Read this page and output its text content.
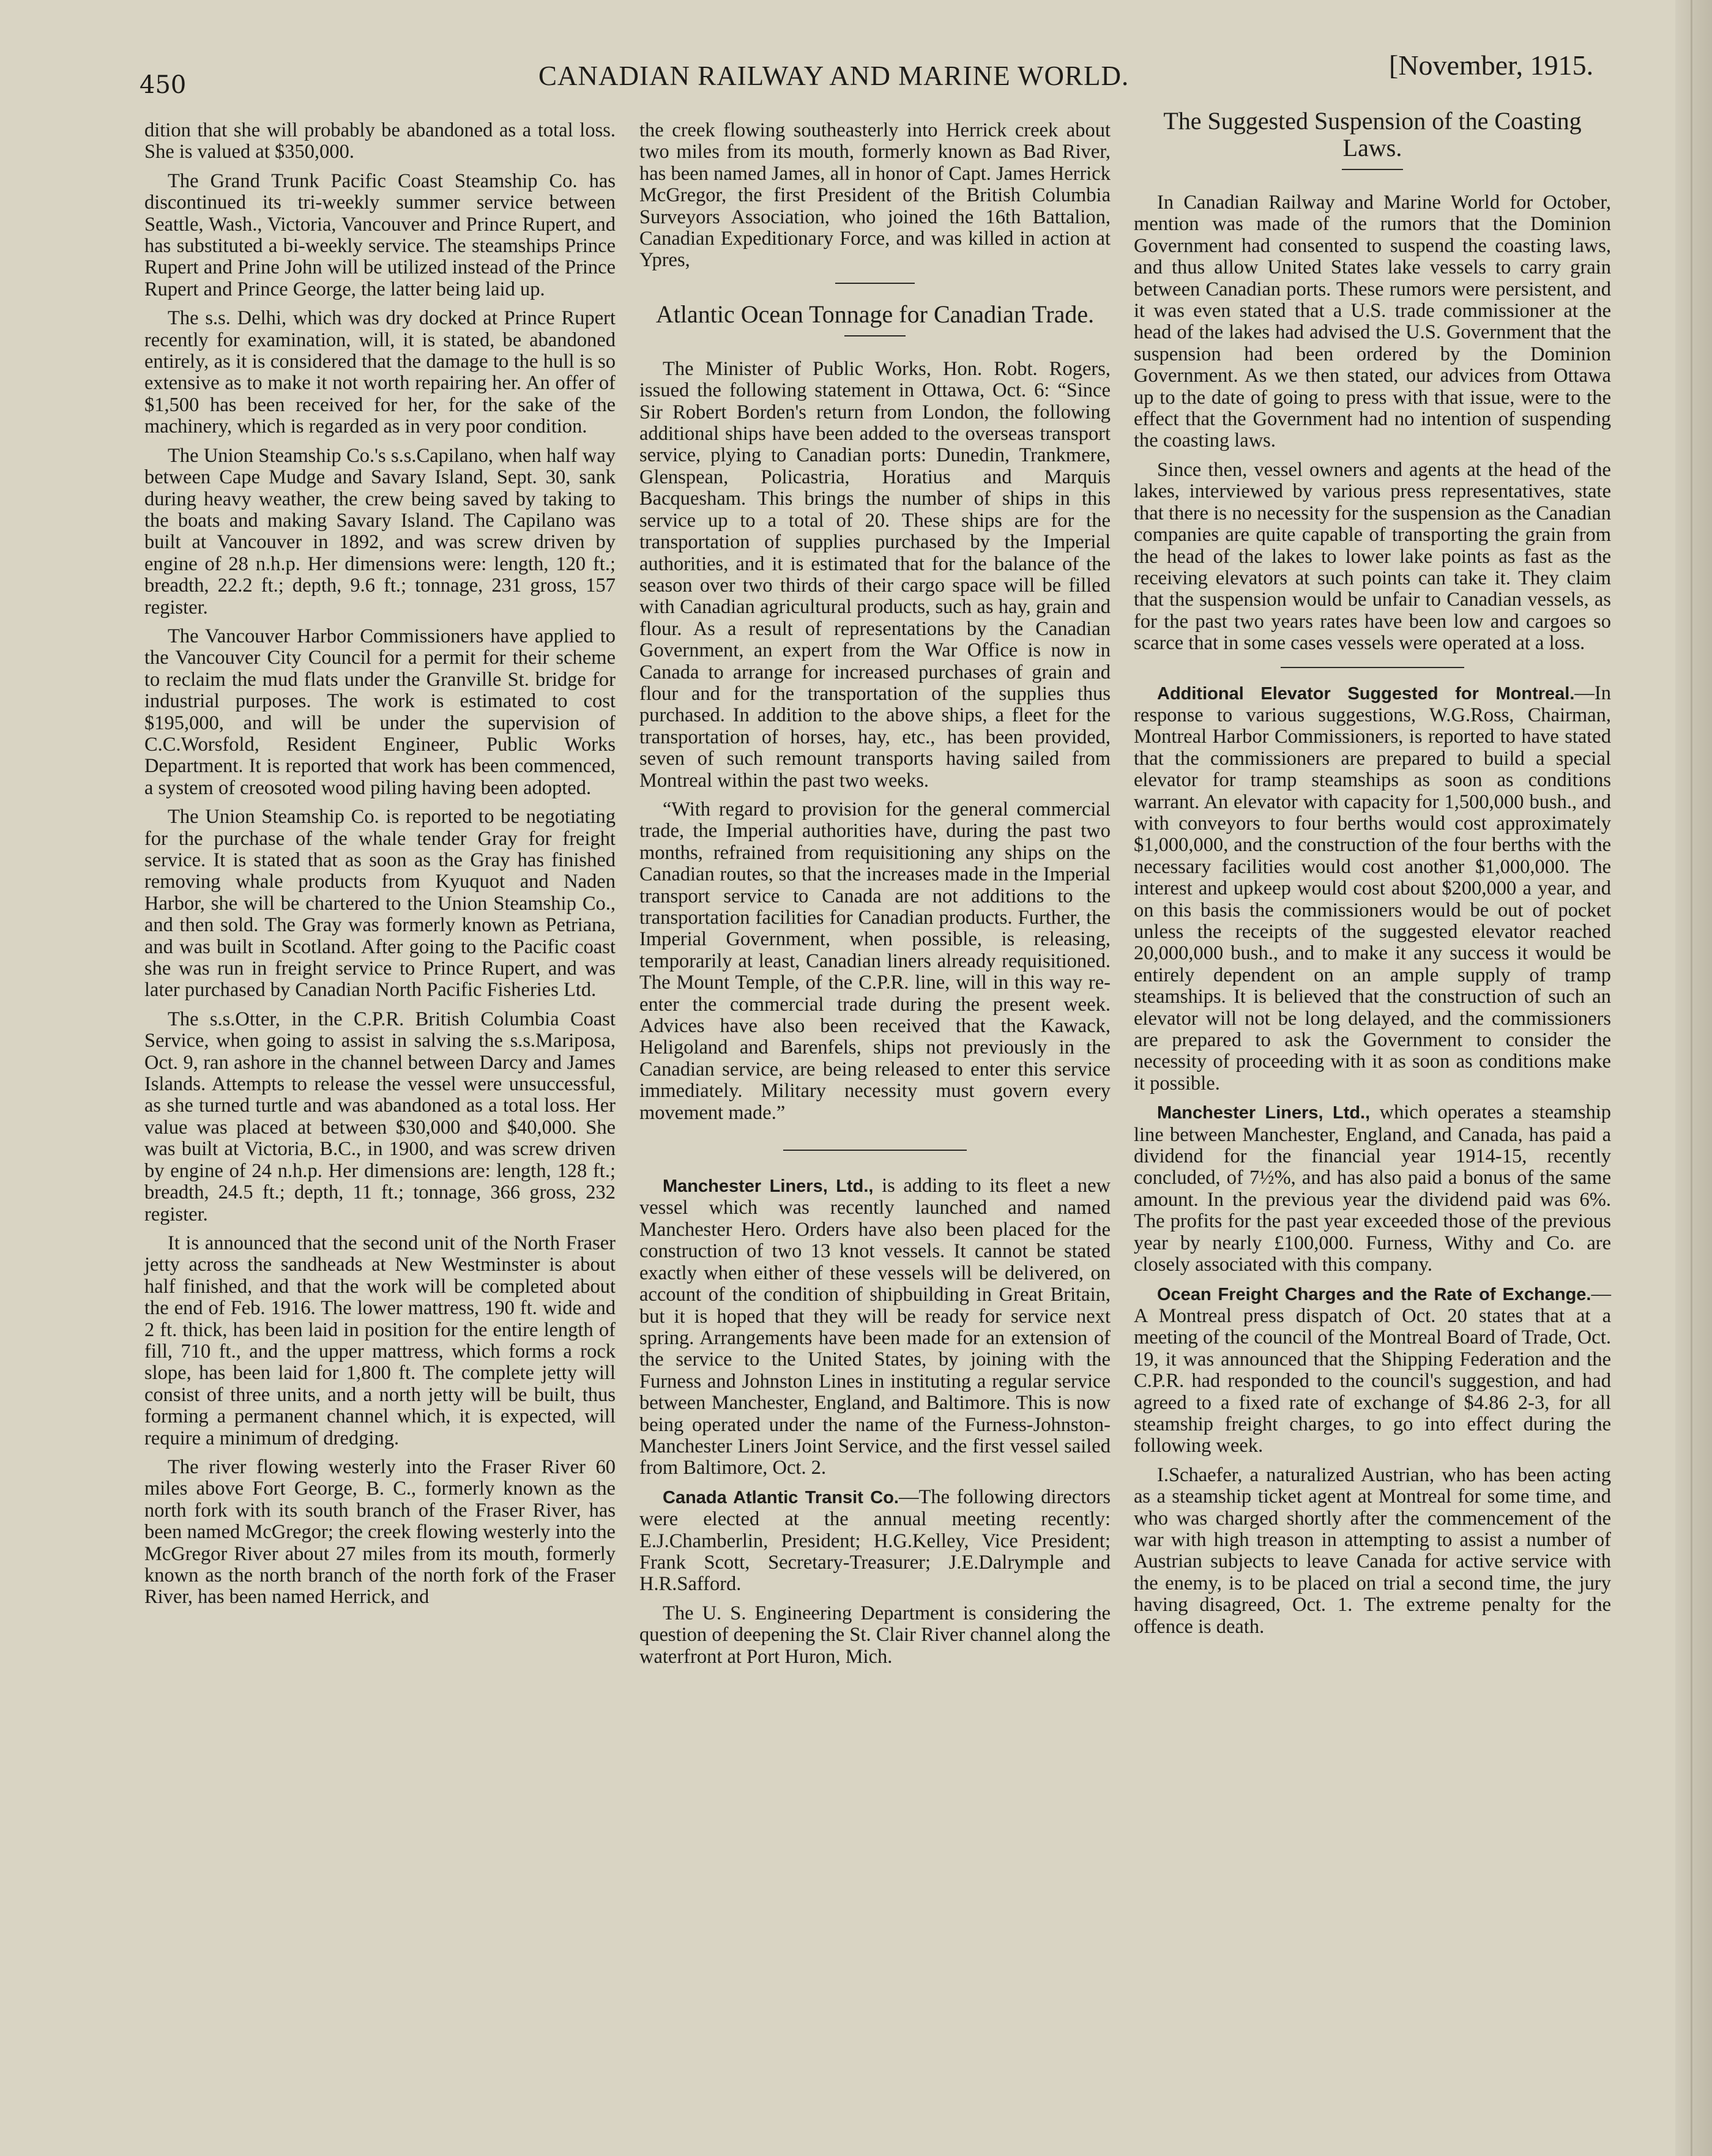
450	CANADIAN RAILWAY AND MARINE WORLD.	[November, 1915.

dition that she will probably be abandoned as a total loss. She is valued at $350,000.

The Grand Trunk Pacific Coast Steamship Co. has discontinued its tri-weekly summer service between Seattle, Wash., Victoria, Vancouver and Prince Rupert, and has substituted a bi-weekly service. The steamships Prince Rupert and Prine John will be utilized instead of the Prince Rupert and Prince George, the latter being laid up.

The s.s. Delhi, which was dry docked at Prince Rupert recently for examination, will, it is stated, be abandoned entirely, as it is considered that the damage to the hull is so extensive as to make it not worth repairing her. An offer of $1,500 has been received for her, for the sake of the machinery, which is regarded as in very poor condition.

The Union Steamship Co.'s s.s.Capilano, when half way between Cape Mudge and Savary Island, Sept. 30, sank during heavy weather, the crew being saved by taking to the boats and making Savary Island. The Capilano was built at Vancouver in 1892, and was screw driven by engine of 28 n.h.p. Her dimensions were: length, 120 ft.; breadth, 22.2 ft.; depth, 9.6 ft.; tonnage, 231 gross, 157 register.

The Vancouver Harbor Commissioners have applied to the Vancouver City Council for a permit for their scheme to reclaim the mud flats under the Granville St. bridge for industrial purposes. The work is estimated to cost $195,000, and will be under the supervision of C.C.Worsfold, Resident Engineer, Public Works Department. It is reported that work has been commenced, a system of creosoted wood piling having been adopted.

The Union Steamship Co. is reported to be negotiating for the purchase of the whale tender Gray for freight service. It is stated that as soon as the Gray has finished removing whale products from Kyuquot and Naden Harbor, she will be chartered to the Union Steamship Co., and then sold. The Gray was formerly known as Petriana, and was built in Scotland. After going to the Pacific coast she was run in freight service to Prince Rupert, and was later purchased by Canadian North Pacific Fisheries Ltd.

The s.s.Otter, in the C.P.R. British Columbia Coast Service, when going to assist in salving the s.s.Mariposa, Oct. 9, ran ashore in the channel between Darcy and James Islands. Attempts to release the vessel were unsuccessful, as she turned turtle and was abandoned as a total loss. Her value was placed at between $30,000 and $40,000. She was built at Victoria, B.C., in 1900, and was screw driven by engine of 24 n.h.p. Her dimensions are: length, 128 ft.; breadth, 24.5 ft.; depth, 11 ft.; tonnage, 366 gross, 232 register.

It is announced that the second unit of the North Fraser jetty across the sandheads at New Westminster is about half finished, and that the work will be completed about the end of Feb. 1916. The lower mattress, 190 ft. wide and 2 ft. thick, has been laid in position for the entire length of fill, 710 ft., and the upper mattress, which forms a rock slope, has been laid for 1,800 ft. The complete jetty will consist of three units, and a north jetty will be built, thus forming a permanent channel which, it is expected, will require a minimum of dredging.

The river flowing westerly into the Fraser River 60 miles above Fort George, B. C., formerly known as the north fork with its south branch of the Fraser River, has been named McGregor; the creek flowing westerly into the McGregor River about 27 miles from its mouth, formerly known as the north branch of the north fork of the Fraser River, has been named Herrick, and

the creek flowing southeasterly into Herrick creek about two miles from its mouth, formerly known as Bad River, has been named James, all in honor of Capt. James Herrick McGregor, the first President of the British Columbia Surveyors Association, who joined the 16th Battalion, Canadian Expeditionary Force, and was killed in action at Ypres,

Atlantic Ocean Tonnage for Canadian Trade.

The Minister of Public Works, Hon. Robt. Rogers, issued the following statement in Ottawa, Oct. 6: “Since Sir Robert Borden's return from London, the following additional ships have been added to the overseas transport service, plying to Canadian ports: Dunedin, Trankmere, Glenspean, Policastria, Horatius and Marquis Bacquesham. This brings the number of ships in this service up to a total of 20. These ships are for the transportation of supplies purchased by the Imperial authorities, and it is estimated that for the balance of the season over two thirds of their cargo space will be filled with Canadian agricultural products, such as hay, grain and flour. As a result of representations by the Canadian Government, an expert from the War Office is now in Canada to arrange for increased purchases of grain and flour and for the transportation of the supplies thus purchased. In addition to the above ships, a fleet for the transportation of horses, hay, etc., has been provided, seven of such remount transports having sailed from Montreal within the past two weeks.

“With regard to provision for the general commercial trade, the Imperial authorities have, during the past two months, refrained from requisitioning any ships on the Canadian routes, so that the increases made in the Imperial transport service to Canada are not additions to the transportation facilities for Canadian products. Further, the Imperial Government, when possible, is releasing, temporarily at least, Canadian liners already requisitioned. The Mount Temple, of the C.P.R. line, will in this way re-enter the commercial trade during the present week. Advices have also been received that the Kawack, Heligoland and Barenfels, ships not previously in the Canadian service, are being released to enter this service immediately. Military necessity must govern every movement made.”

Manchester Liners, Ltd., is adding to its fleet a new vessel which was recently launched and named Manchester Hero. Orders have also been placed for the construction of two 13 knot vessels. It cannot be stated exactly when either of these vessels will be delivered, on account of the condition of shipbuilding in Great Britain, but it is hoped that they will be ready for service next spring. Arrangements have been made for an extension of the service to the United States, by joining with the Furness and Johnston Lines in instituting a regular service between Manchester, England, and Baltimore. This is now being operated under the name of the Furness-Johnston-Manchester Liners Joint Service, and the first vessel sailed from Baltimore, Oct. 2.

Canada Atlantic Transit Co.—The following directors were elected at the annual meeting recently: E.J.Chamberlin, President; H.G.Kelley, Vice President; Frank Scott, Secretary-Treasurer; J.E.Dalrymple and H.R.Safford.

The U. S. Engineering Department is considering the question of deepening the St. Clair River channel along the waterfront at Port Huron, Mich.

The Suggested Suspension of the Coasting Laws.

In Canadian Railway and Marine World for October, mention was made of the rumors that the Dominion Government had consented to suspend the coasting laws, and thus allow United States lake vessels to carry grain between Canadian ports. These rumors were persistent, and it was even stated that a U.S. trade commissioner at the head of the lakes had advised the U.S. Government that the suspension had been ordered by the Dominion Government. As we then stated, our advices from Ottawa up to the date of going to press with that issue, were to the effect that the Government had no intention of suspending the coasting laws.

Since then, vessel owners and agents at the head of the lakes, interviewed by various press representatives, state that there is no necessity for the suspension as the Canadian companies are quite capable of transporting the grain from the head of the lakes to lower lake points as fast as the receiving elevators at such points can take it. They claim that the suspension would be unfair to Canadian vessels, as for the past two years rates have been low and cargoes so scarce that in some cases vessels were operated at a loss.

Additional Elevator Suggested for Montreal.—In response to various suggestions, W.G.Ross, Chairman, Montreal Harbor Commissioners, is reported to have stated that the commissioners are prepared to build a special elevator for tramp steamships as soon as conditions warrant. An elevator with capacity for 1,500,000 bush., and with conveyors to four berths would cost approximately $1,000,000, and the construction of the four berths with the necessary facilities would cost another $1,000,000. The interest and upkeep would cost about $200,000 a year, and on this basis the commissioners would be out of pocket unless the receipts of the suggested elevator reached 20,000,000 bush., and to make it any success it would be entirely dependent on an ample supply of tramp steamships. It is believed that the construction of such an elevator will not be long delayed, and the commissioners are prepared to ask the Government to consider the necessity of proceeding with it as soon as conditions make it possible.

Manchester Liners, Ltd., which operates a steamship line between Manchester, England, and Canada, has paid a dividend for the financial year 1914-15, recently concluded, of 7½%, and has also paid a bonus of the same amount. In the previous year the dividend paid was 6%. The profits for the past year exceeded those of the previous year by nearly £100,000. Furness, Withy and Co. are closely associated with this company.

Ocean Freight Charges and the Rate of Exchange.—A Montreal press dispatch of Oct. 20 states that at a meeting of the council of the Montreal Board of Trade, Oct. 19, it was announced that the Shipping Federation and the C.P.R. had responded to the council's suggestion, and had agreed to a fixed rate of exchange of $4.86 2-3, for all steamship freight charges, to go into effect during the following week.

I.Schaefer, a naturalized Austrian, who has been acting as a steamship ticket agent at Montreal for some time, and who was charged shortly after the commencement of the war with high treason in attempting to assist a number of Austrian subjects to leave Canada for active service with the enemy, is to be placed on trial a second time, the jury having disagreed, Oct. 1. The extreme penalty for the offence is death.
